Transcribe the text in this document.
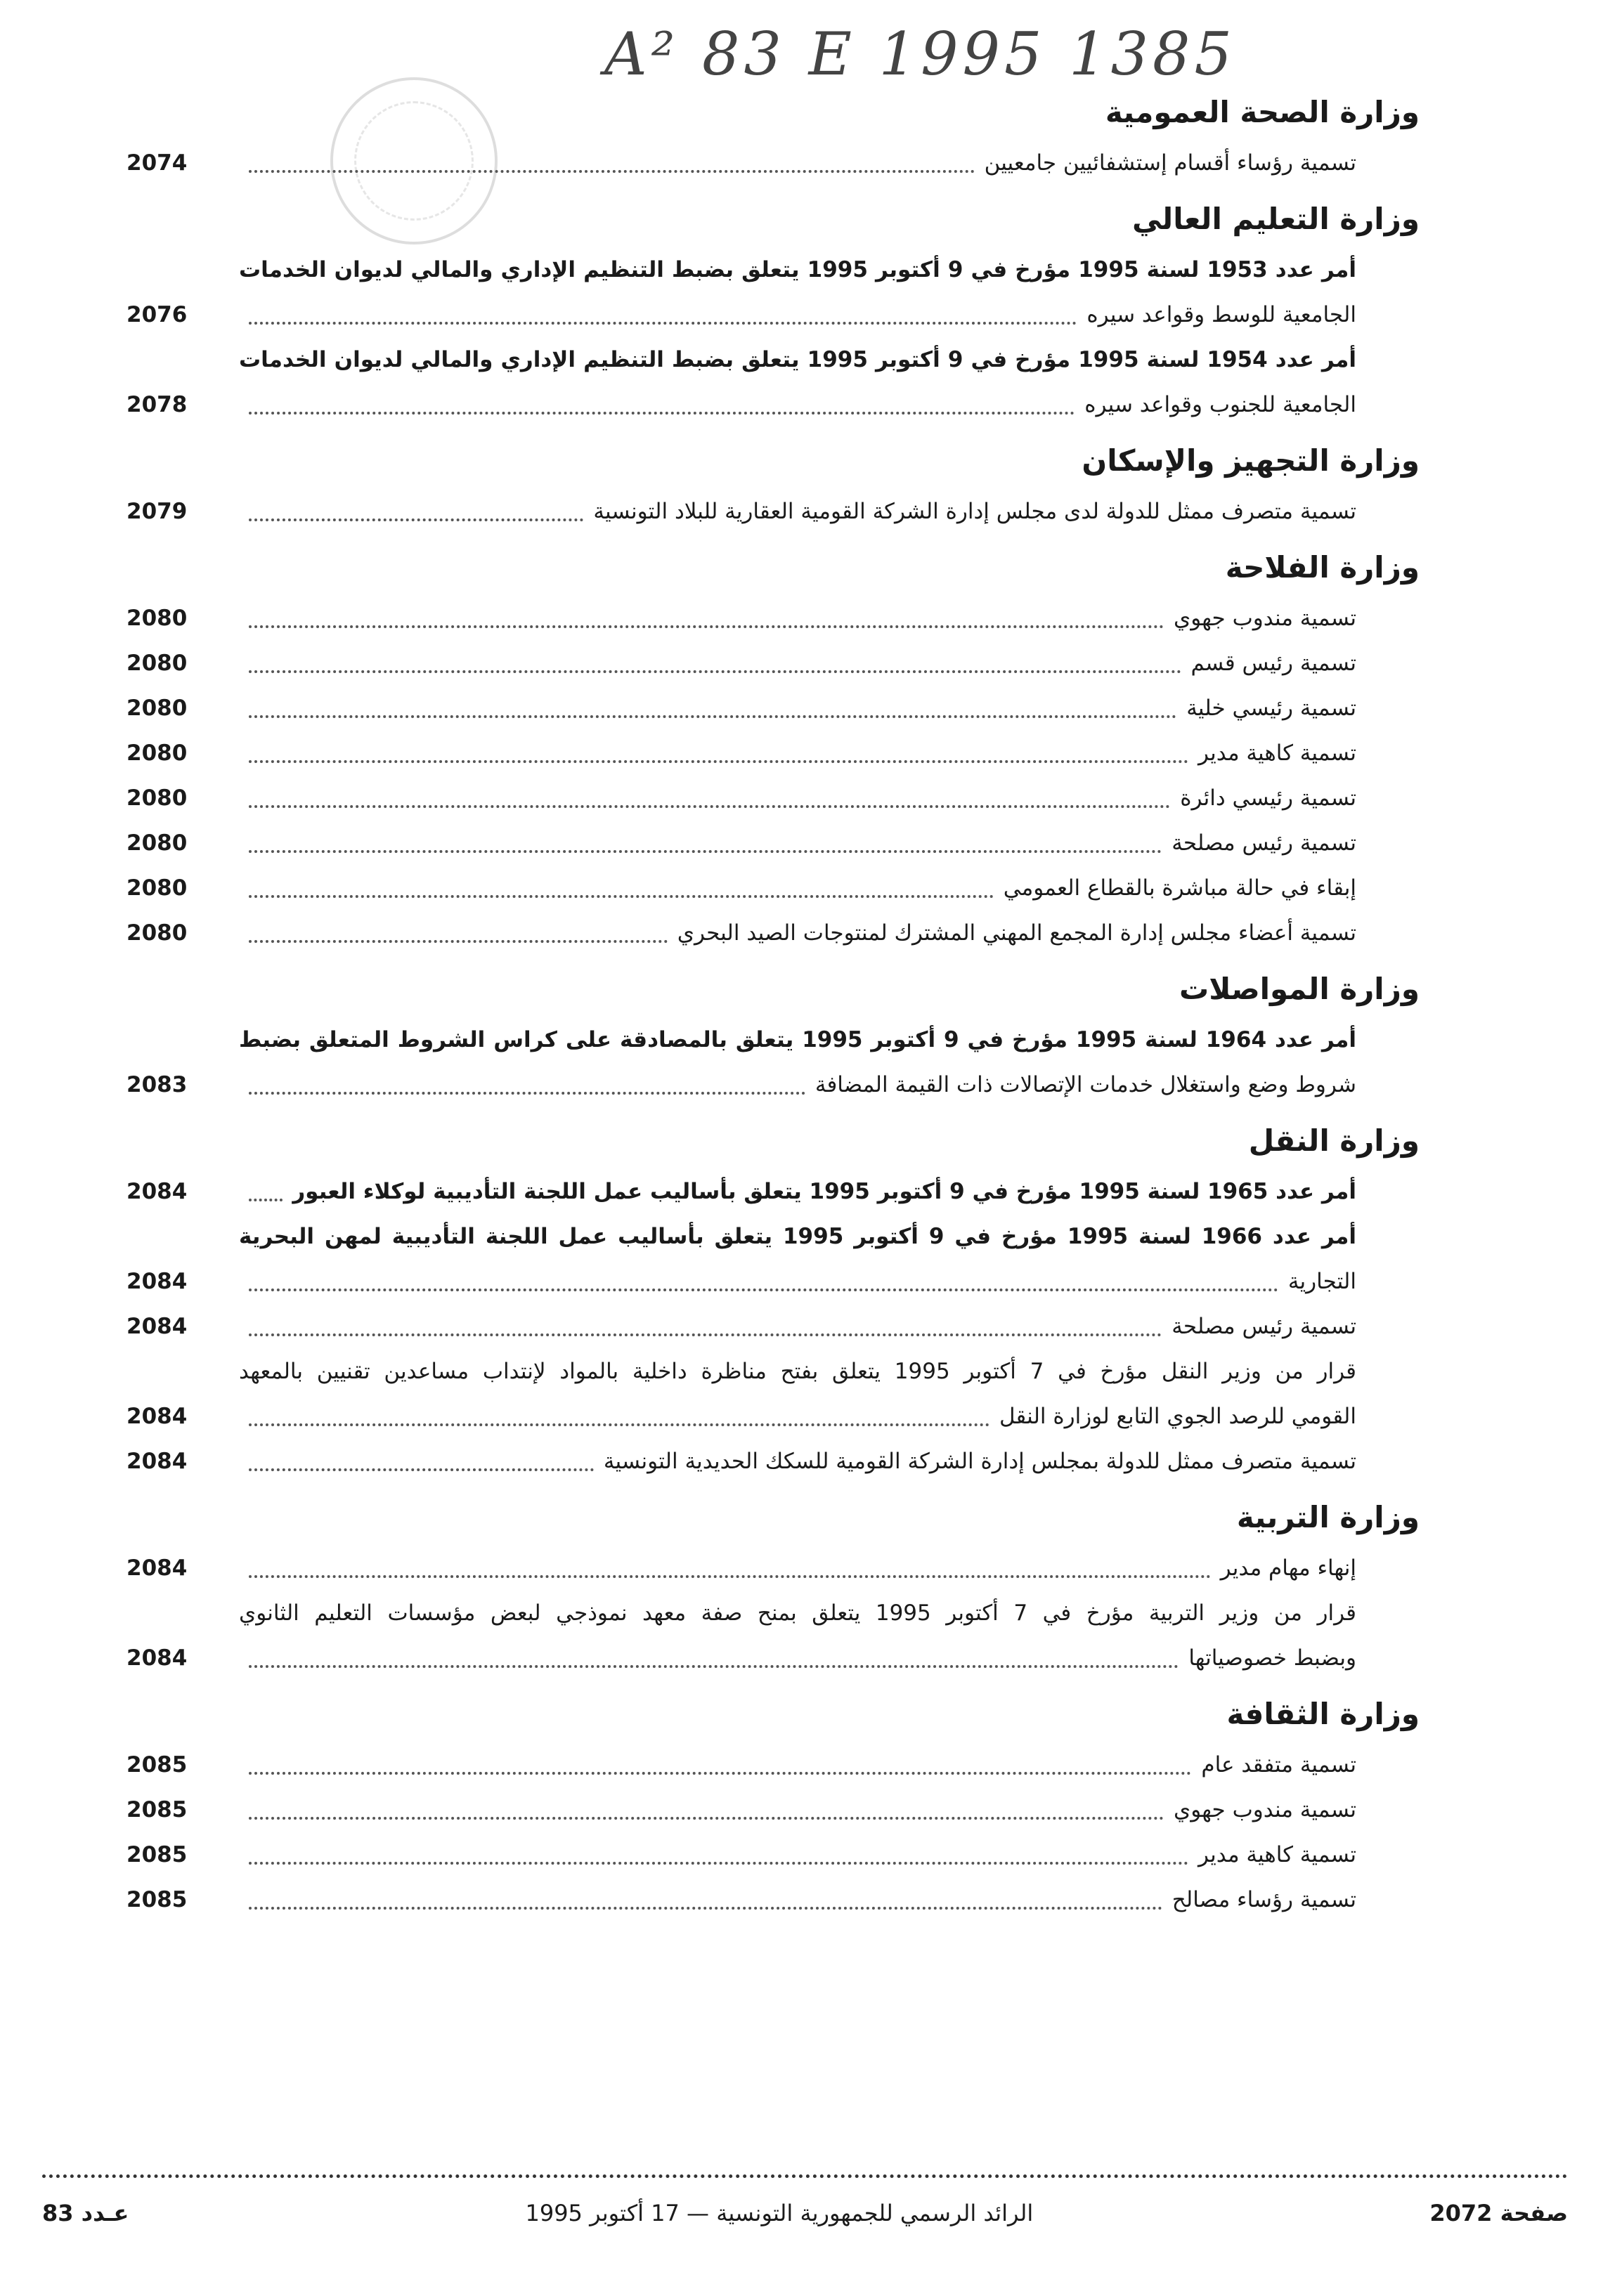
A² 83 E 1995 1385
وزارة الصحة العمومية
تسمية رؤساء أقسام إستشفائيين جامعيين
2074
وزارة التعليم العالي
أمر عدد 1953 لسنة 1995 مؤرخ في 9 أكتوبر 1995 يتعلق بضبط التنظيم الإداري والمالي لديوان الخدمات
الجامعية للوسط وقواعد سيره
2076
أمر عدد 1954 لسنة 1995 مؤرخ في 9 أكتوبر 1995 يتعلق بضبط التنظيم الإداري والمالي لديوان الخدمات
الجامعية للجنوب وقواعد سيره
2078
وزارة التجهيز والإسكان
تسمية متصرف ممثل للدولة لدى مجلس إدارة الشركة القومية العقارية للبلاد التونسية
2079
وزارة الفلاحة
تسمية مندوب جهوي
2080
تسمية رئيس قسم
2080
تسمية رئيسي خلية
2080
تسمية كاهية مدير
2080
تسمية رئيسي دائرة
2080
تسمية رئيس مصلحة
2080
إبقاء في حالة مباشرة بالقطاع العمومي
2080
تسمية أعضاء مجلس إدارة المجمع المهني المشترك لمنتوجات الصيد البحري
2080
وزارة المواصلات
أمر عدد 1964 لسنة 1995 مؤرخ في 9 أكتوبر 1995 يتعلق بالمصادقة على كراس الشروط المتعلق بضبط
شروط وضع واستغلال خدمات الإتصالات ذات القيمة المضافة
2083
وزارة النقل
أمر عدد 1965 لسنة 1995 مؤرخ في 9 أكتوبر 1995 يتعلق بأساليب عمل اللجنة التأديبية لوكلاء العبور
2084
أمر عدد 1966 لسنة 1995 مؤرخ في 9 أكتوبر 1995 يتعلق بأساليب عمل اللجنة التأديبية لمهن البحرية
التجارية
2084
تسمية رئيس مصلحة
2084
قرار من وزير النقل مؤرخ في 7 أكتوبر 1995 يتعلق بفتح مناظرة داخلية بالمواد لإنتداب مساعدين تقنيين بالمعهد
القومي للرصد الجوي التابع لوزارة النقل
2084
تسمية متصرف ممثل للدولة بمجلس إدارة الشركة القومية للسكك الحديدية التونسية
2084
وزارة التربية
إنهاء مهام مدير
2084
قرار من وزير التربية مؤرخ في 7 أكتوبر 1995 يتعلق بمنح صفة معهد نموذجي لبعض مؤسسات التعليم الثانوي
وبضبط خصوصياتها
2084
وزارة الثقافة
تسمية متفقد عام
2085
تسمية مندوب جهوي
2085
تسمية كاهية مدير
2085
تسمية رؤساء مصالح
2085
صفحة 2072
الرائد الرسمي للجمهورية التونسية — 17 أكتوبر 1995
عـدد 83
